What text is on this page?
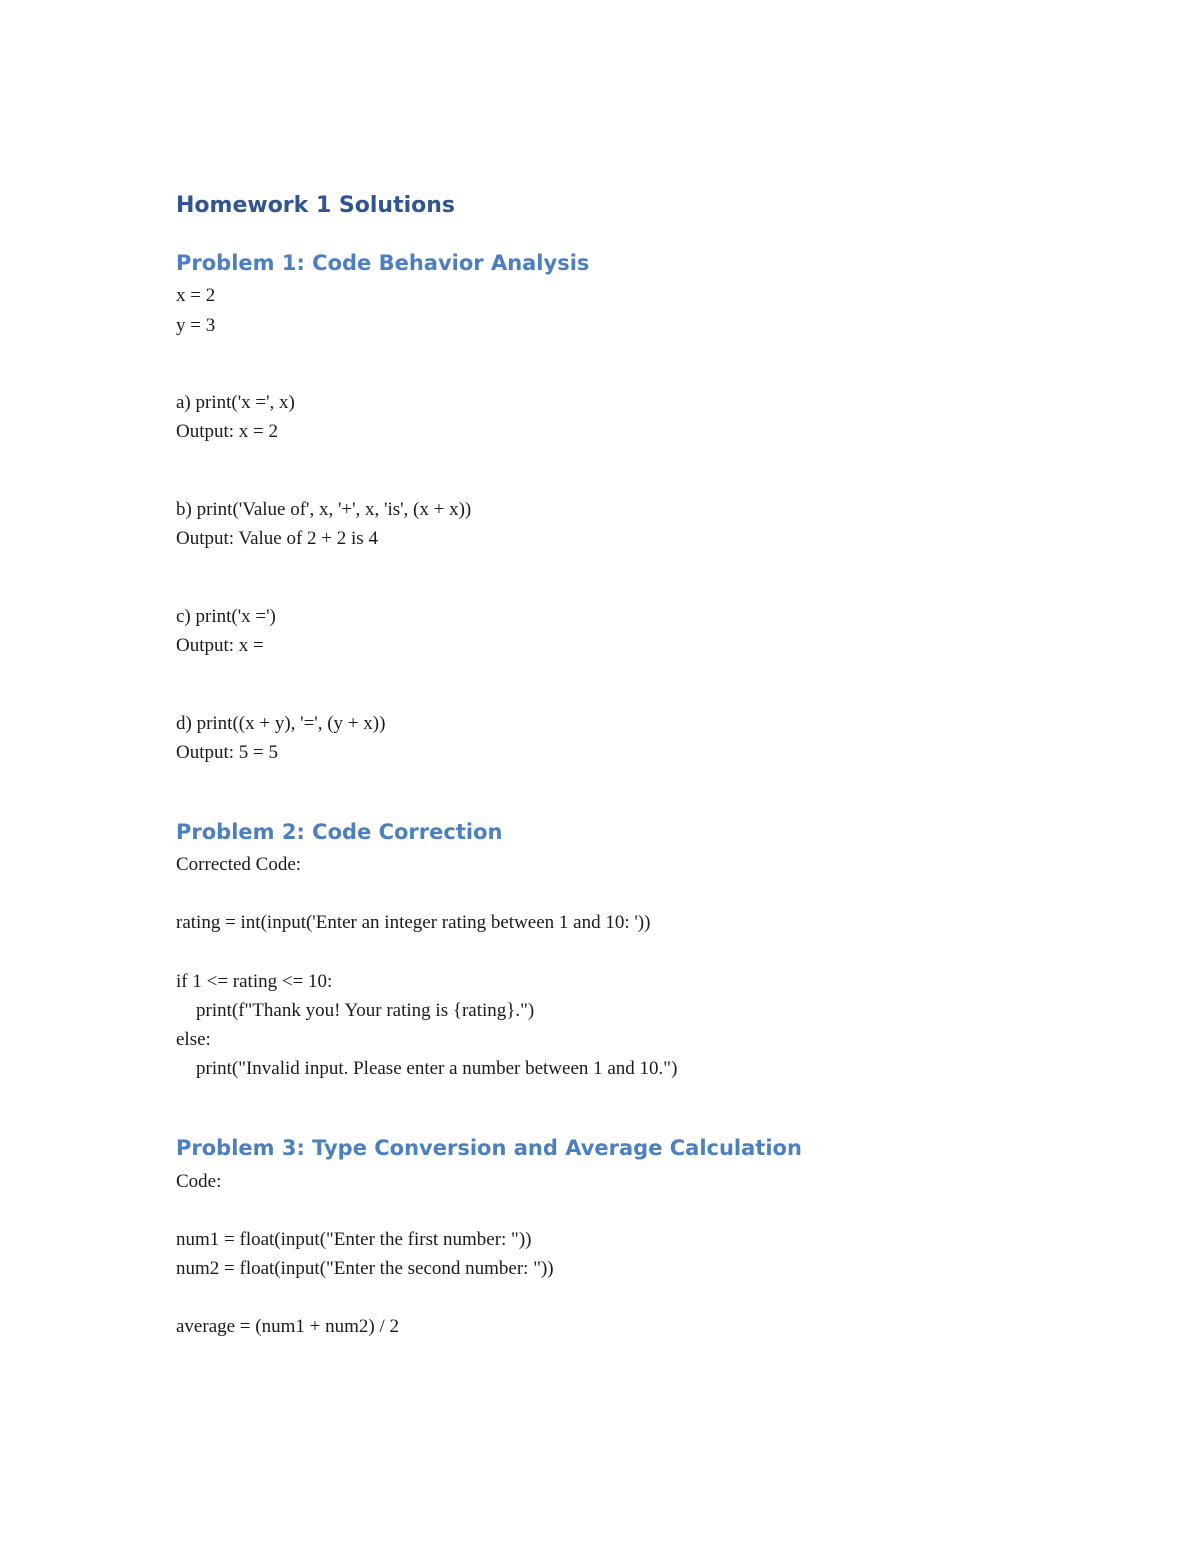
Homework 1 Solutions
Problem 1: Code Behavior Analysis

x = 2

y = 3

a) print('x =', x)

Output: x = 2

b) print('Value of', x, '+', x, 'is', (x + x))

Output: Value of 2 + 2 is 4

c) print('x =')

Output: x =

d) print((x + y), '=', (y + x))

Output: 5 = 5

Problem 2: Code Correction

Corrected Code:

rating = int(input('Enter an integer rating between 1 and 10: '))

if 1 <= rating <= 10:

print(f"Thank you! Your rating is {rating}.")

else:

print("Invalid input. Please enter a number between 1 and 10.")

Problem 3: Type Conversion and Average Calculation

Code:

num1 = float(input("Enter the first number: "))

num2 = float(input("Enter the second number: "))

average = (num1 + num2) / 2
